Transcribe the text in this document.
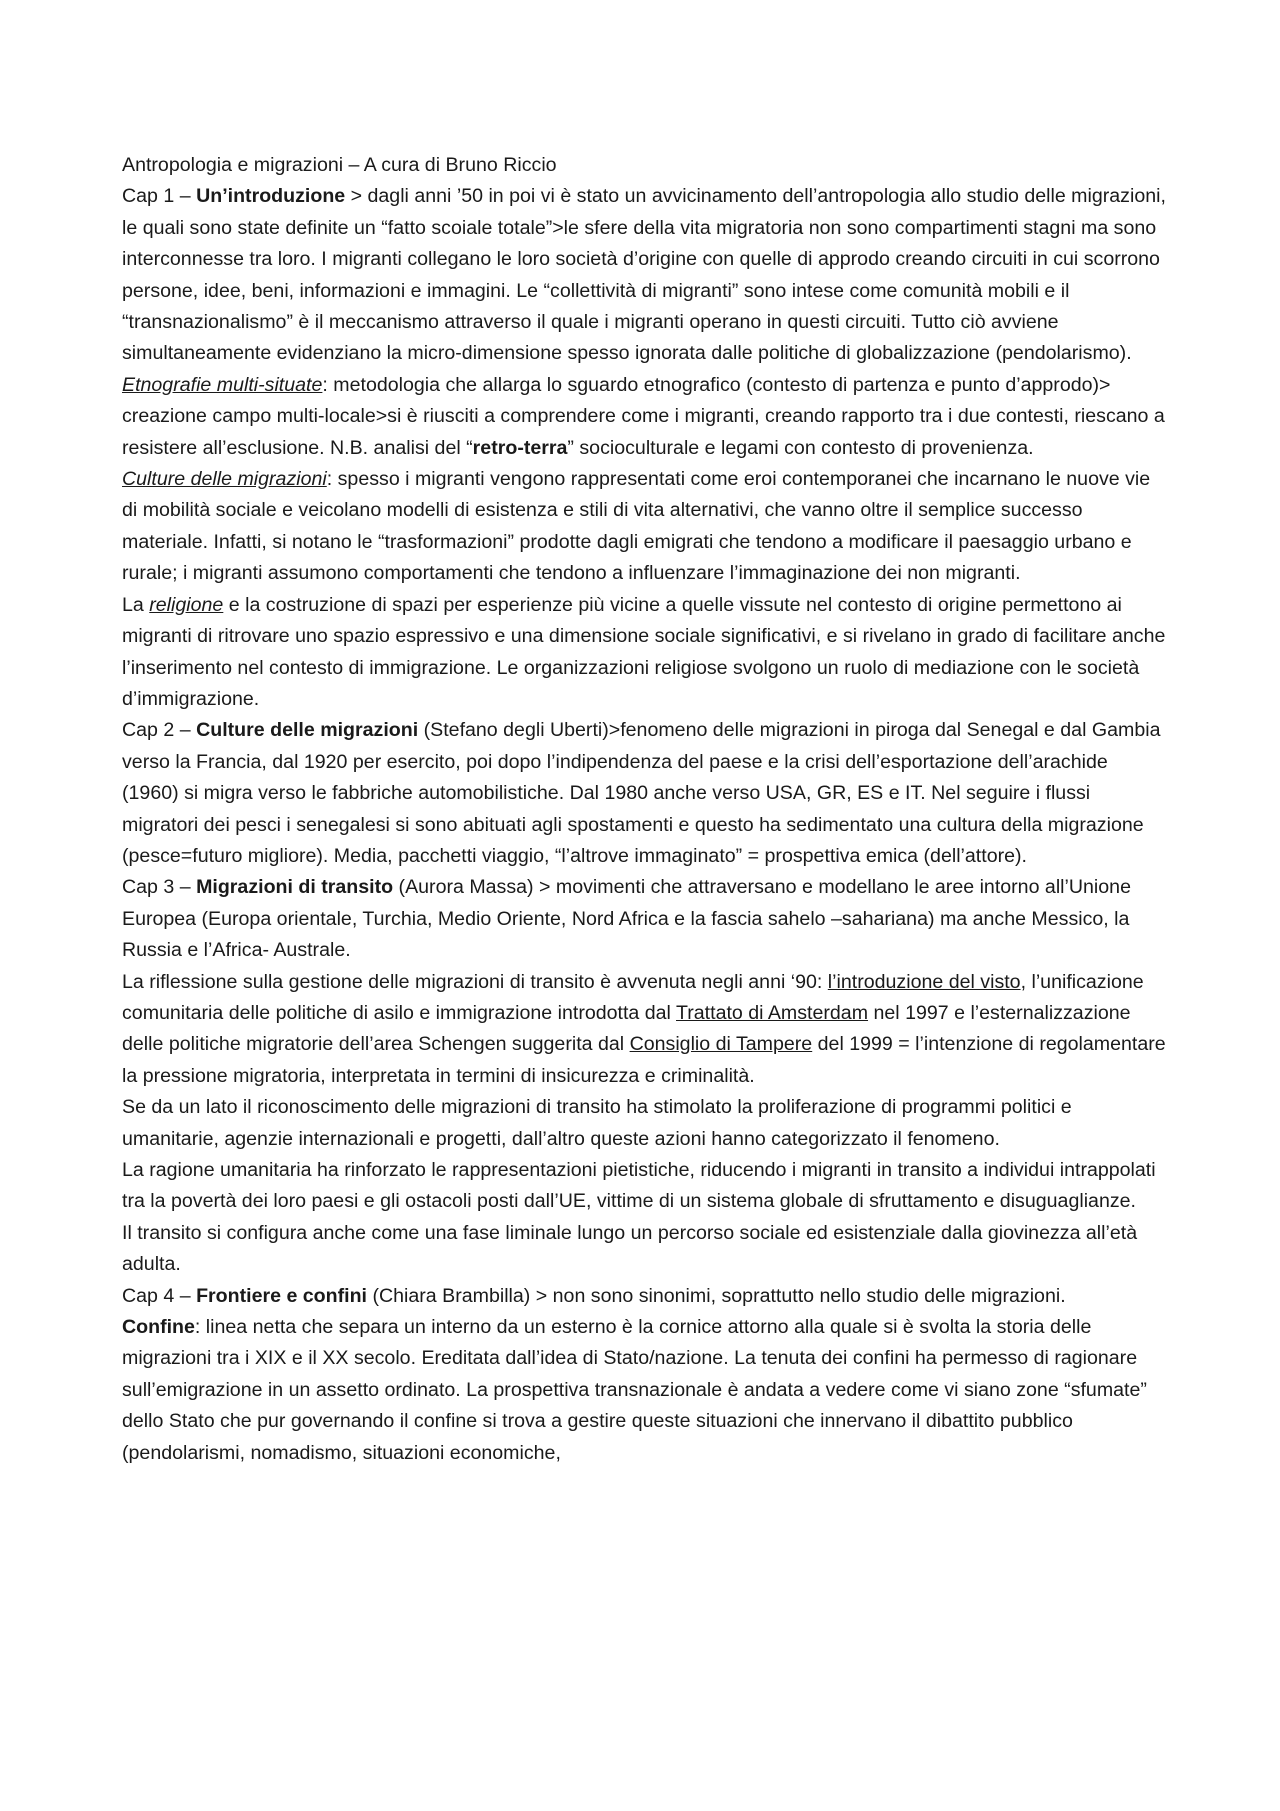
Antropologia e migrazioni – A cura di Bruno Riccio

Cap 1 – Un’introduzione > dagli anni ’50 in poi vi è stato un avvicinamento dell’antropologia allo studio delle migrazioni, le quali sono state definite un “fatto scoiale totale”>le sfere della vita migratoria non sono compartimenti stagni ma sono interconnesse tra loro. I migranti collegano le loro società d’origine con quelle di approdo creando circuiti in cui scorrono persone, idee, beni, informazioni e immagini. Le “collettività di migranti” sono intese come comunità mobili e il “transnazionalismo” è il meccanismo attraverso il quale i migranti operano in questi circuiti. Tutto ciò avviene simultaneamente evidenziano la micro-dimensione spesso ignorata dalle politiche di globalizzazione (pendolarismo).

Etnografie multi-situate: metodologia che allarga lo sguardo etnografico (contesto di partenza e punto d’approdo)> creazione campo multi-locale>si è riusciti a comprendere come i migranti, creando rapporto tra i due contesti, riescano a resistere all’esclusione. N.B. analisi del “retro-terra” socioculturale e legami con contesto di provenienza.

Culture delle migrazioni: spesso i migranti vengono rappresentati come eroi contemporanei che incarnano le nuove vie di mobilità sociale e veicolano modelli di esistenza e stili di vita alternativi, che vanno oltre il semplice successo materiale. Infatti, si notano le “trasformazioni” prodotte dagli emigrati che tendono a modificare il paesaggio urbano e rurale; i migranti assumono comportamenti che tendono a influenzare l’immaginazione dei non migranti.

La religione e la costruzione di spazi per esperienze più vicine a quelle vissute nel contesto di origine permettono ai migranti di ritrovare uno spazio espressivo e una dimensione sociale significativi, e si rivelano in grado di facilitare anche l’inserimento nel contesto di immigrazione. Le organizzazioni religiose svolgono un ruolo di mediazione con le società d’immigrazione.

Cap 2 – Culture delle migrazioni (Stefano degli Uberti)>fenomeno delle migrazioni in piroga dal Senegal e dal Gambia verso la Francia, dal 1920 per esercito, poi dopo l’indipendenza del paese e la crisi dell’esportazione dell’arachide (1960) si migra verso le fabbriche automobilistiche. Dal 1980 anche verso USA, GR, ES e IT. Nel seguire i flussi migratori dei pesci i senegalesi si sono abituati agli spostamenti e questo ha sedimentato una cultura della migrazione (pesce=futuro migliore). Media, pacchetti viaggio, “l’altrove immaginato” = prospettiva emica (dell’attore).

Cap 3 – Migrazioni di transito (Aurora Massa) > movimenti che attraversano e modellano le aree intorno all’Unione Europea (Europa orientale, Turchia, Medio Oriente, Nord Africa e la fascia sahelo –sahariana) ma anche Messico, la Russia e l’Africa- Australe.

La riflessione sulla gestione delle migrazioni di transito è avvenuta negli anni ‘90: l’introduzione del visto, l’unificazione comunitaria delle politiche di asilo e immigrazione introdotta dal Trattato di Amsterdam nel 1997 e l’esternalizzazione delle politiche migratorie dell’area Schengen suggerita dal Consiglio di Tampere del 1999 = l’intenzione di regolamentare la pressione migratoria, interpretata in termini di insicurezza e criminalità.

Se da un lato il riconoscimento delle migrazioni di transito ha stimolato la proliferazione di programmi politici e umanitarie, agenzie internazionali e progetti, dall’altro queste azioni hanno categorizzato il fenomeno.

La ragione umanitaria ha rinforzato le rappresentazioni pietistiche, riducendo i migranti in transito a individui intrappolati tra la povertà dei loro paesi e gli ostacoli posti dall’UE, vittime di un sistema globale di sfruttamento e disuguaglianze.

Il transito si configura anche come una fase liminale lungo un percorso sociale ed esistenziale dalla giovinezza all’età adulta.

Cap 4 – Frontiere e confini (Chiara Brambilla) > non sono sinonimi, soprattutto nello studio delle migrazioni.

Confine: linea netta che separa un interno da un esterno è la cornice attorno alla quale si è svolta la storia delle migrazioni tra i XIX e il XX secolo. Ereditata dall’idea di Stato/nazione. La tenuta dei confini ha permesso di ragionare sull’emigrazione in un assetto ordinato. La prospettiva transnazionale è andata a vedere come vi siano zone “sfumate” dello Stato che pur governando il confine si trova a gestire queste situazioni che innervano il dibattito pubblico (pendolarismi, nomadismo, situazioni economiche,
